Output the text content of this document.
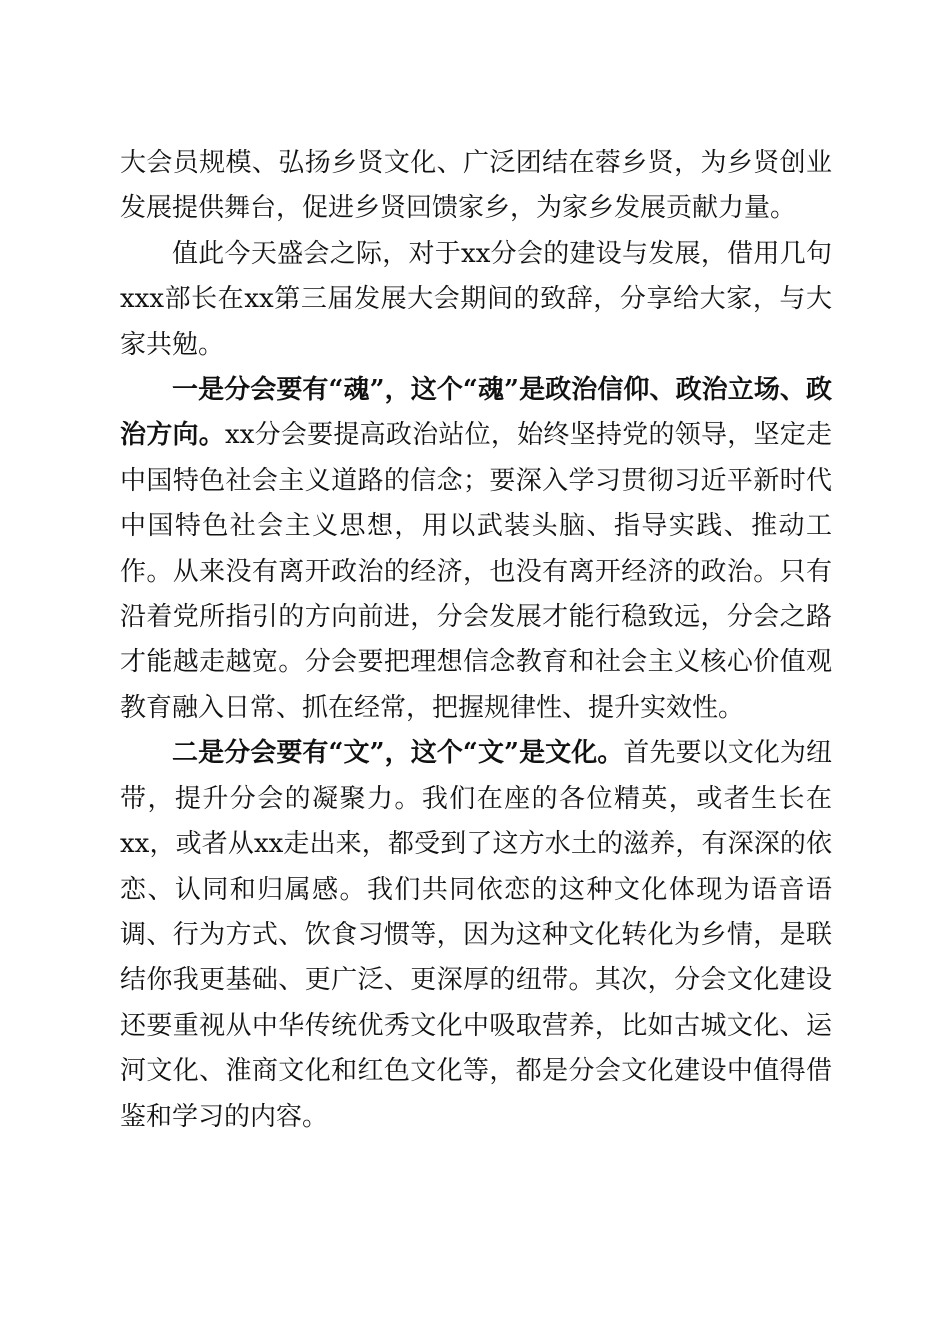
大会员规模、弘扬乡贤文化、广泛团结在蓉乡贤，为乡贤创业发展提供舞台，促进乡贤回馈家乡，为家乡发展贡献力量。

值此今天盛会之际，对于xx分会的建设与发展，借用几句xxx部长在xx第三届发展大会期间的致辞，分享给大家，与大家共勉。

一是分会要有“魂”，这个“魂”是政治信仰、政治立场、政治方向。xx分会要提高政治站位，始终坚持党的领导，坚定走中国特色社会主义道路的信念；要深入学习贯彻习近平新时代中国特色社会主义思想，用以武装头脑、指导实践、推动工作。从来没有离开政治的经济，也没有离开经济的政治。只有沿着党所指引的方向前进，分会发展才能行稳致远，分会之路才能越走越宽。分会要把理想信念教育和社会主义核心价值观教育融入日常、抓在经常，把握规律性、提升实效性。

二是分会要有“文”，这个“文”是文化。首先要以文化为纽带，提升分会的凝聚力。我们在座的各位精英，或者生长在xx，或者从xx走出来，都受到了这方水土的滋养，有深深的依恋、认同和归属感。我们共同依恋的这种文化体现为语音语调、行为方式、饮食习惯等，因为这种文化转化为乡情，是联结你我更基础、更广泛、更深厚的纽带。其次，分会文化建设还要重视从中华传统优秀文化中吸取营养，比如古城文化、运河文化、淮商文化和红色文化等，都是分会文化建设中值得借鉴和学习的内容。
